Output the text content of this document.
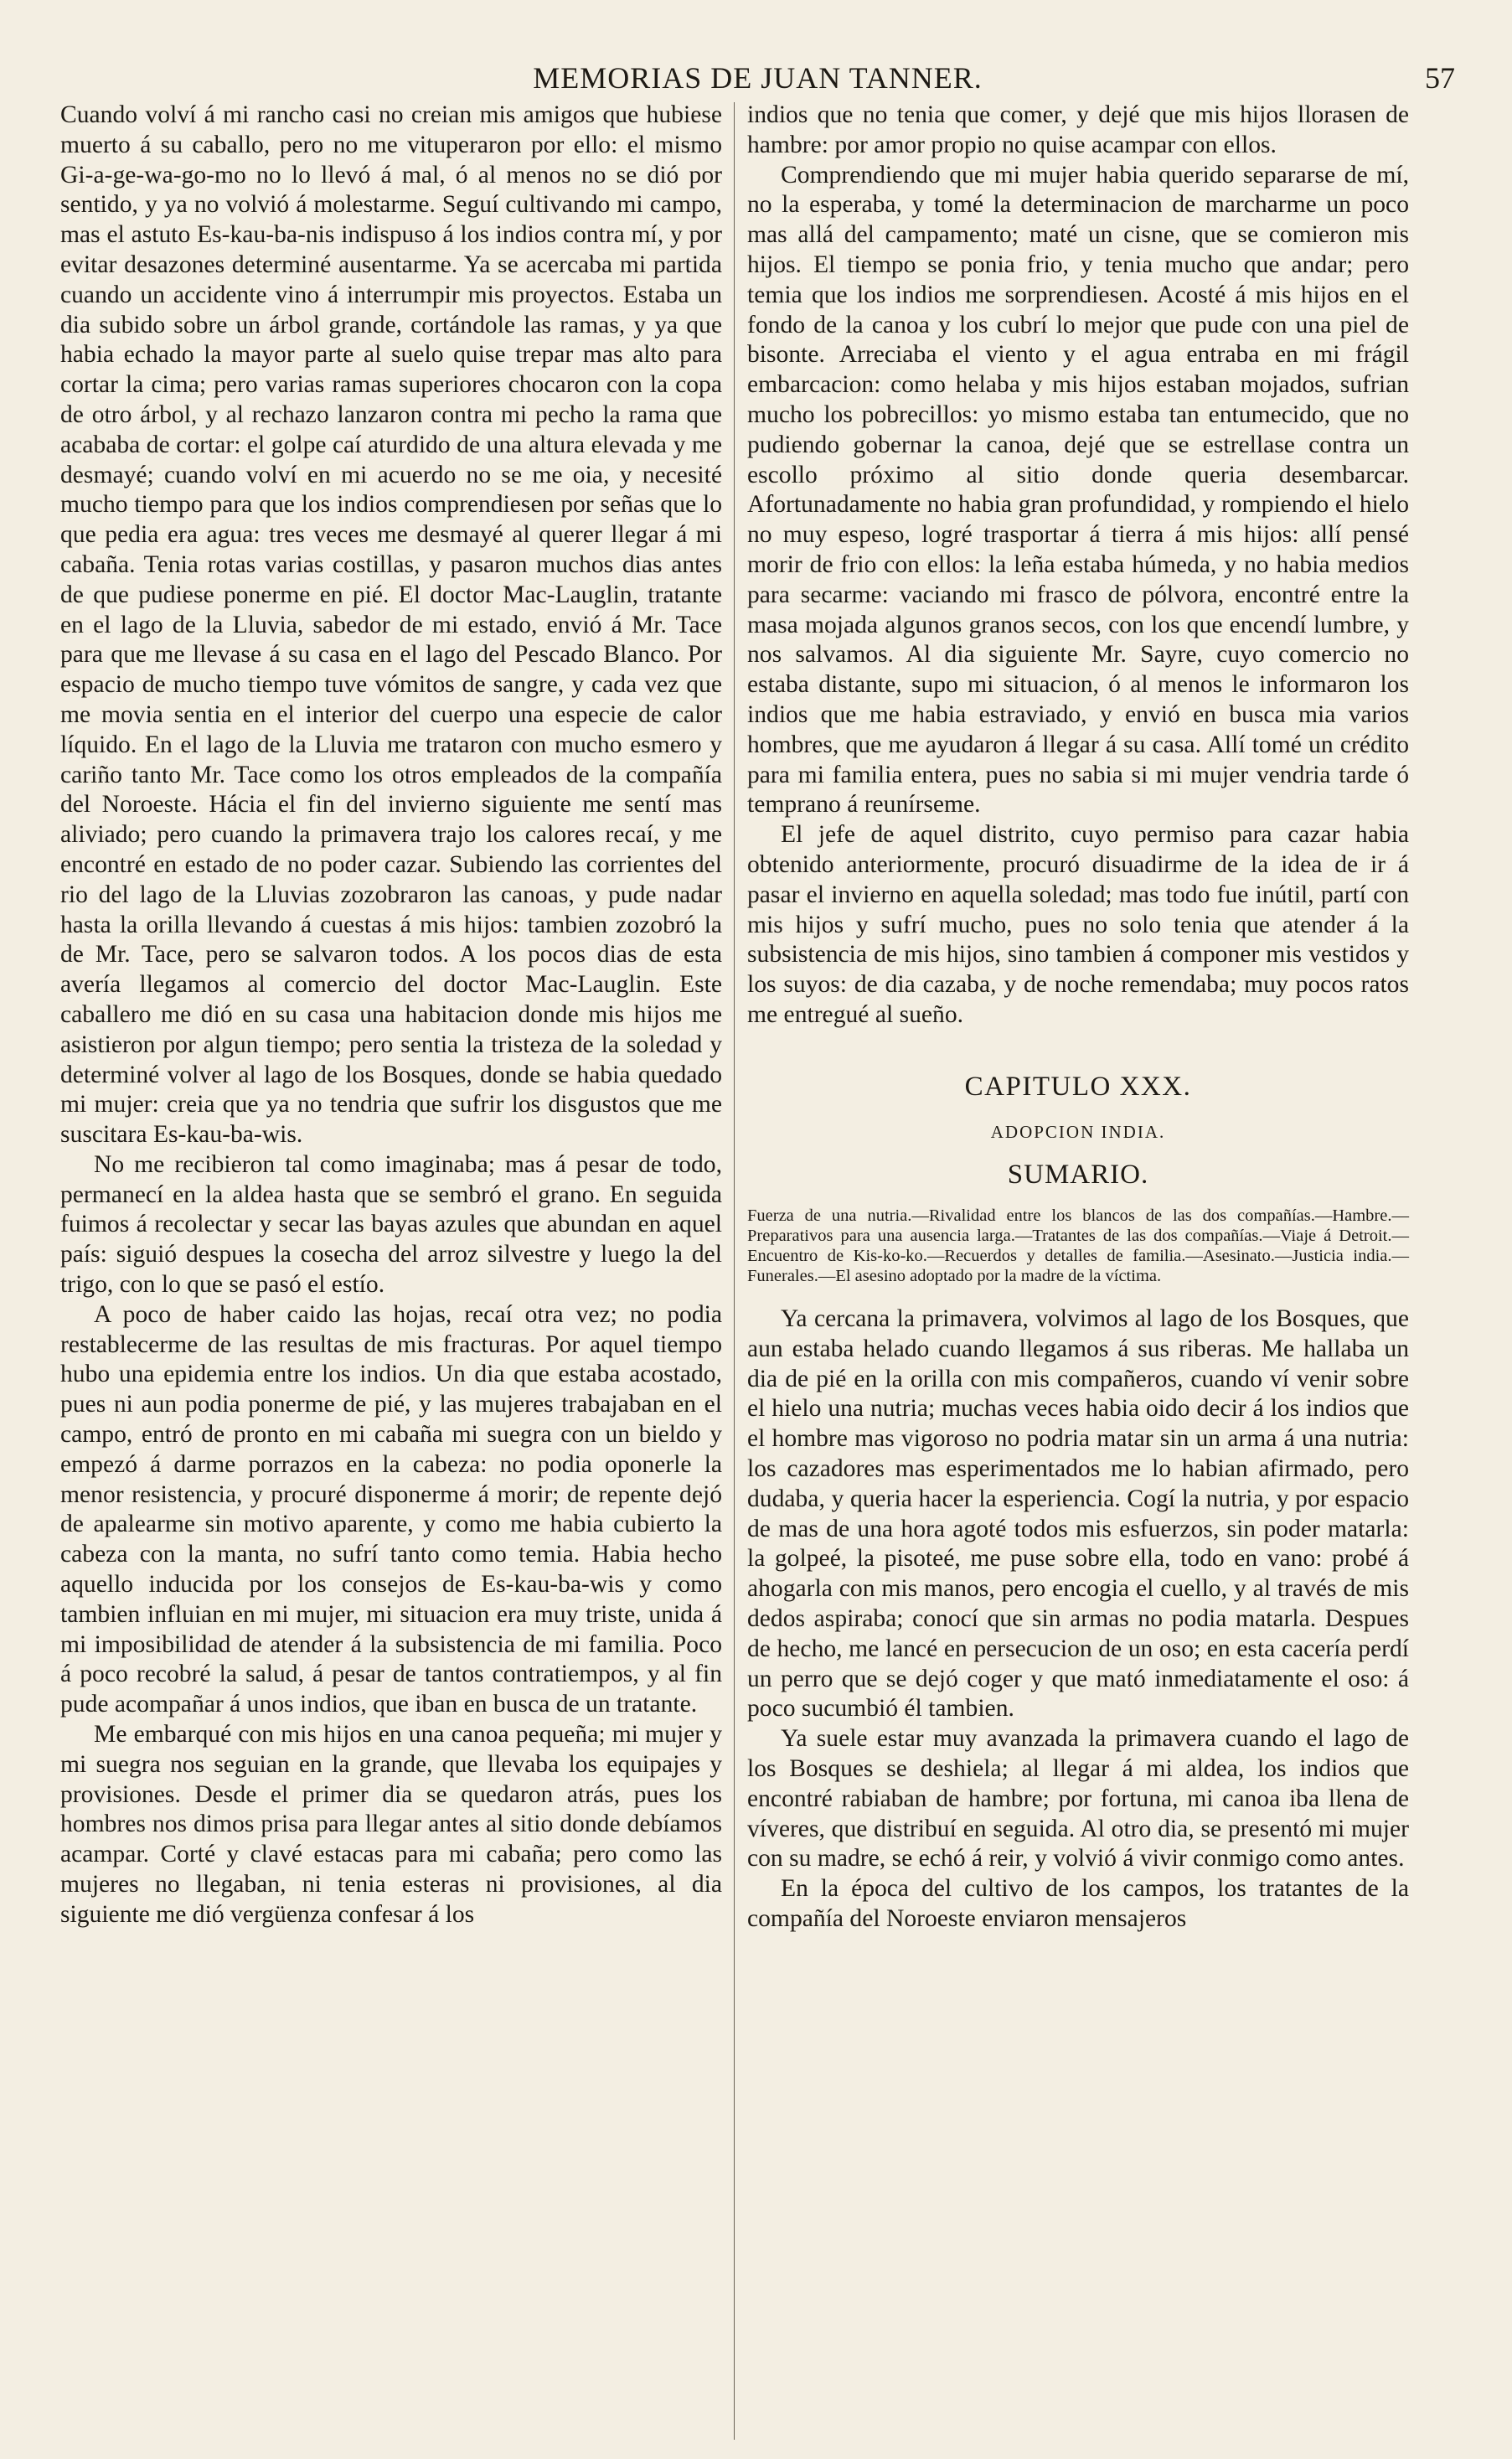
MEMORIAS DE JUAN TANNER.	57

Cuando volví á mi rancho casi no creian mis amigos que hubiese muerto á su caballo, pero no me vituperaron por ello: el mismo Gi-a-ge-wa-go-mo no lo llevó á mal, ó al menos no se dió por sentido, y ya no volvió á molestarme. Seguí cultivando mi campo, mas el astuto Es-kau-ba-nis indispuso á los indios contra mí, y por evitar desazones determiné ausentarme. Ya se acercaba mi partida cuando un accidente vino á interrumpir mis proyectos. Estaba un dia subido sobre un árbol grande, cortándole las ramas, y ya que habia echado la mayor parte al suelo quise trepar mas alto para cortar la cima; pero varias ramas superiores chocaron con la copa de otro árbol, y al rechazo lanzaron contra mi pecho la rama que acababa de cortar: el golpe caí aturdido de una altura elevada y me desmayé; cuando volví en mi acuerdo no se me oia, y necesité mucho tiempo para que los indios comprendiesen por señas que lo que pedia era agua: tres veces me desmayé al querer llegar á mi cabaña. Tenia rotas varias costillas, y pasaron muchos dias antes de que pudiese ponerme en pié. El doctor Mac-Lauglin, tratante en el lago de la Lluvia, sabedor de mi estado, envió á Mr. Tace para que me llevase á su casa en el lago del Pescado Blanco. Por espacio de mucho tiempo tuve vómitos de sangre, y cada vez que me movia sentia en el interior del cuerpo una especie de calor líquido. En el lago de la Lluvia me trataron con mucho esmero y cariño tanto Mr. Tace como los otros empleados de la compañía del Noroeste. Hácia el fin del invierno siguiente me sentí mas aliviado; pero cuando la primavera trajo los calores recaí, y me encontré en estado de no poder cazar. Subiendo las corrientes del rio del lago de la Lluvias zozobraron las canoas, y pude nadar hasta la orilla llevando á cuestas á mis hijos: tambien zozobró la de Mr. Tace, pero se salvaron todos. A los pocos dias de esta avería llegamos al comercio del doctor Mac-Lauglin. Este caballero me dió en su casa una habitacion donde mis hijos me asistieron por algun tiempo; pero sentia la tristeza de la soledad y determiné volver al lago de los Bosques, donde se habia quedado mi mujer: creia que ya no tendria que sufrir los disgustos que me suscitara Es-kau-ba-wis.

No me recibieron tal como imaginaba; mas á pesar de todo, permanecí en la aldea hasta que se sembró el grano. En seguida fuimos á recolectar y secar las bayas azules que abundan en aquel país: siguió despues la cosecha del arroz silvestre y luego la del trigo, con lo que se pasó el estío.

A poco de haber caido las hojas, recaí otra vez; no podia restablecerme de las resultas de mis fracturas. Por aquel tiempo hubo una epidemia entre los indios. Un dia que estaba acostado, pues ni aun podia ponerme de pié, y las mujeres trabajaban en el campo, entró de pronto en mi cabaña mi suegra con un bieldo y empezó á darme porrazos en la cabeza: no podia oponerle la menor resistencia, y procuré disponerme á morir; de repente dejó de apalearme sin motivo aparente, y como me habia cubierto la cabeza con la manta, no sufrí tanto como temia. Habia hecho aquello inducida por los consejos de Es-kau-ba-wis y como tambien influian en mi mujer, mi situacion era muy triste, unida á mi imposibilidad de atender á la subsistencia de mi familia. Poco á poco recobré la salud, á pesar de tantos contratiempos, y al fin pude acompañar á unos indios, que iban en busca de un tratante.

Me embarqué con mis hijos en una canoa pequeña; mi mujer y mi suegra nos seguian en la grande, que llevaba los equipajes y provisiones. Desde el primer dia se quedaron atrás, pues los hombres nos dimos prisa para llegar antes al sitio donde debíamos acampar. Corté y clavé estacas para mi cabaña; pero como las mujeres no llegaban, ni tenia esteras ni provisiones, al dia siguiente me dió vergüenza confesar á los

indios que no tenia que comer, y dejé que mis hijos llorasen de hambre: por amor propio no quise acampar con ellos.

Comprendiendo que mi mujer habia querido separarse de mí, no la esperaba, y tomé la determinacion de marcharme un poco mas allá del campamento; maté un cisne, que se comieron mis hijos. El tiempo se ponia frio, y tenia mucho que andar; pero temia que los indios me sorprendiesen. Acosté á mis hijos en el fondo de la canoa y los cubrí lo mejor que pude con una piel de bisonte. Arreciaba el viento y el agua entraba en mi frágil embarcacion: como helaba y mis hijos estaban mojados, sufrian mucho los pobrecillos: yo mismo estaba tan entumecido, que no pudiendo gobernar la canoa, dejé que se estrellase contra un escollo próximo al sitio donde queria desembarcar. Afortunadamente no habia gran profundidad, y rompiendo el hielo no muy espeso, logré trasportar á tierra á mis hijos: allí pensé morir de frio con ellos: la leña estaba húmeda, y no habia medios para secarme: vaciando mi frasco de pólvora, encontré entre la masa mojada algunos granos secos, con los que encendí lumbre, y nos salvamos. Al dia siguiente Mr. Sayre, cuyo comercio no estaba distante, supo mi situacion, ó al menos le informaron los indios que me habia estraviado, y envió en busca mia varios hombres, que me ayudaron á llegar á su casa. Allí tomé un crédito para mi familia entera, pues no sabia si mi mujer vendria tarde ó temprano á reunírseme.

El jefe de aquel distrito, cuyo permiso para cazar habia obtenido anteriormente, procuró disuadirme de la idea de ir á pasar el invierno en aquella soledad; mas todo fue inútil, partí con mis hijos y sufrí mucho, pues no solo tenia que atender á la subsistencia de mis hijos, sino tambien á componer mis vestidos y los suyos: de dia cazaba, y de noche remendaba; muy pocos ratos me entregué al sueño.

CAPITULO XXX.
ADOPCION INDIA.
SUMARIO.
Fuerza de una nutria.—Rivalidad entre los blancos de las dos compañías.—Hambre.—Preparativos para una ausencia larga.—Tratantes de las dos compañías.—Viaje á Detroit.—Encuentro de Kis-ko-ko.—Recuerdos y detalles de familia.—Asesinato.—Justicia india.—Funerales.—El asesino adoptado por la madre de la víctima.

Ya cercana la primavera, volvimos al lago de los Bosques, que aun estaba helado cuando llegamos á sus riberas. Me hallaba un dia de pié en la orilla con mis compañeros, cuando ví venir sobre el hielo una nutria; muchas veces habia oido decir á los indios que el hombre mas vigoroso no podria matar sin un arma á una nutria: los cazadores mas esperimentados me lo habian afirmado, pero dudaba, y queria hacer la esperiencia. Cogí la nutria, y por espacio de mas de una hora agoté todos mis esfuerzos, sin poder matarla: la golpeé, la pisoteé, me puse sobre ella, todo en vano: probé á ahogarla con mis manos, pero encogia el cuello, y al través de mis dedos aspiraba; conocí que sin armas no podia matarla. Despues de hecho, me lancé en persecucion de un oso; en esta cacería perdí un perro que se dejó coger y que mató inmediatamente el oso: á poco sucumbió él tambien.

Ya suele estar muy avanzada la primavera cuando el lago de los Bosques se deshiela; al llegar á mi aldea, los indios que encontré rabiaban de hambre; por fortuna, mi canoa iba llena de víveres, que distribuí en seguida. Al otro dia, se presentó mi mujer con su madre, se echó á reir, y volvió á vivir conmigo como antes.

En la época del cultivo de los campos, los tratantes de la compañía del Noroeste enviaron mensajeros
